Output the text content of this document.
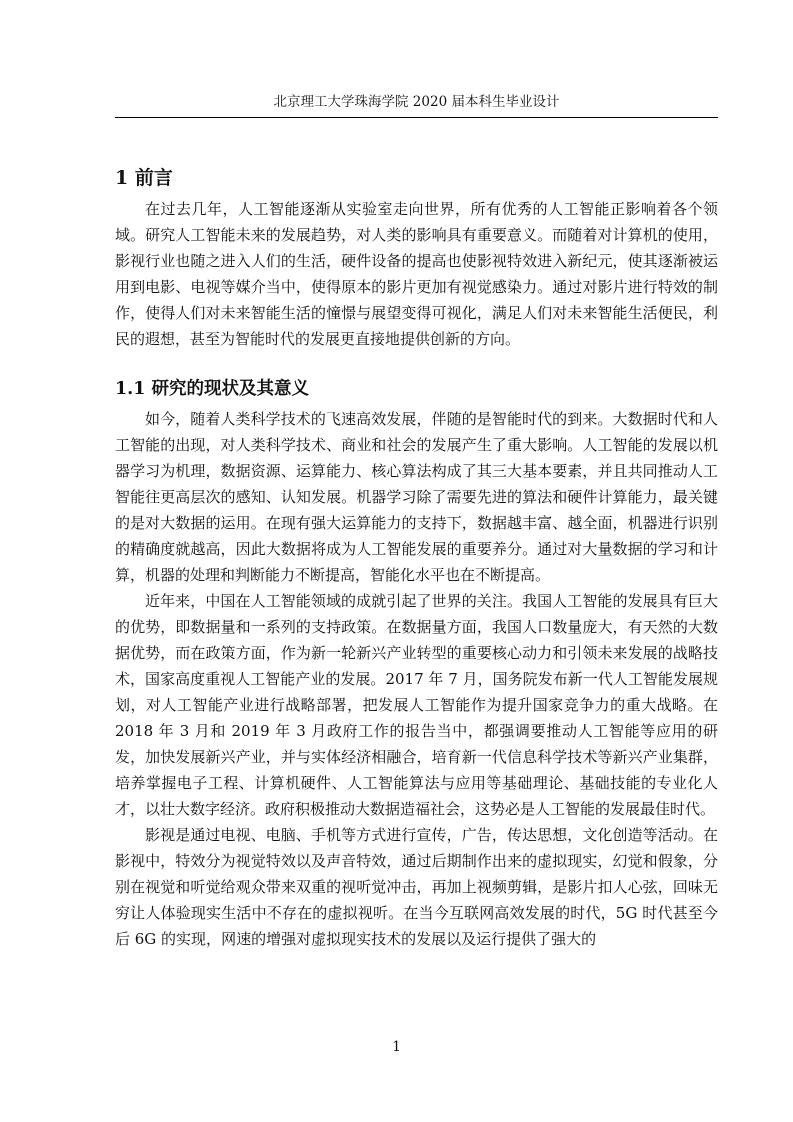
北京理工大学珠海学院 2020 届本科生毕业设计
1 前言

在过去几年，人工智能逐渐从实验室走向世界，所有优秀的人工智能正影响着各个领域。研究人工智能未来的发展趋势，对人类的影响具有重要意义。而随着对计算机的使用，影视行业也随之进入人们的生活，硬件设备的提高也使影视特效进入新纪元，使其逐渐被运用到电影、电视等媒介当中，使得原本的影片更加有视觉感染力。通过对影片进行特效的制作，使得人们对未来智能生活的憧憬与展望变得可视化，满足人们对未来智能生活便民，利民的遐想，甚至为智能时代的发展更直接地提供创新的方向。

1.1 研究的现状及其意义

如今，随着人类科学技术的飞速高效发展，伴随的是智能时代的到来。大数据时代和人工智能的出现，对人类科学技术、商业和社会的发展产生了重大影响。人工智能的发展以机器学习为机理，数据资源、运算能力、核心算法构成了其三大基本要素，并且共同推动人工智能往更高层次的感知、认知发展。机器学习除了需要先进的算法和硬件计算能力，最关键的是对大数据的运用。在现有强大运算能力的支持下，数据越丰富、越全面，机器进行识别的精确度就越高，因此大数据将成为人工智能发展的重要养分。通过对大量数据的学习和计算，机器的处理和判断能力不断提高，智能化水平也在不断提高。

近年来，中国在人工智能领域的成就引起了世界的关注。我国人工智能的发展具有巨大的优势，即数据量和一系列的支持政策。在数据量方面，我国人口数量庞大，有天然的大数据优势，而在政策方面，作为新一轮新兴产业转型的重要核心动力和引领未来发展的战略技术，国家高度重视人工智能产业的发展。2017 年 7 月，国务院发布新一代人工智能发展规划，对人工智能产业进行战略部署，把发展人工智能作为提升国家竞争力的重大战略。在 2018 年 3 月和 2019 年 3 月政府工作的报告当中，都强调要推动人工智能等应用的研发，加快发展新兴产业，并与实体经济相融合，培育新一代信息科学技术等新兴产业集群，培养掌握电子工程、计算机硬件、人工智能算法与应用等基础理论、基础技能的专业化人才，以壮大数字经济。政府积极推动大数据造福社会，这势必是人工智能的发展最佳时代。

影视是通过电视、电脑、手机等方式进行宣传，广告，传达思想，文化创造等活动。在影视中，特效分为视觉特效以及声音特效，通过后期制作出来的虚拟现实，幻觉和假象，分别在视觉和听觉给观众带来双重的视听觉冲击，再加上视频剪辑，是影片扣人心弦，回味无穷让人体验现实生活中不存在的虚拟视听。在当今互联网高效发展的时代，5G 时代甚至今后 6G 的实现，网速的增强对虚拟现实技术的发展以及运行提供了强大的

1
